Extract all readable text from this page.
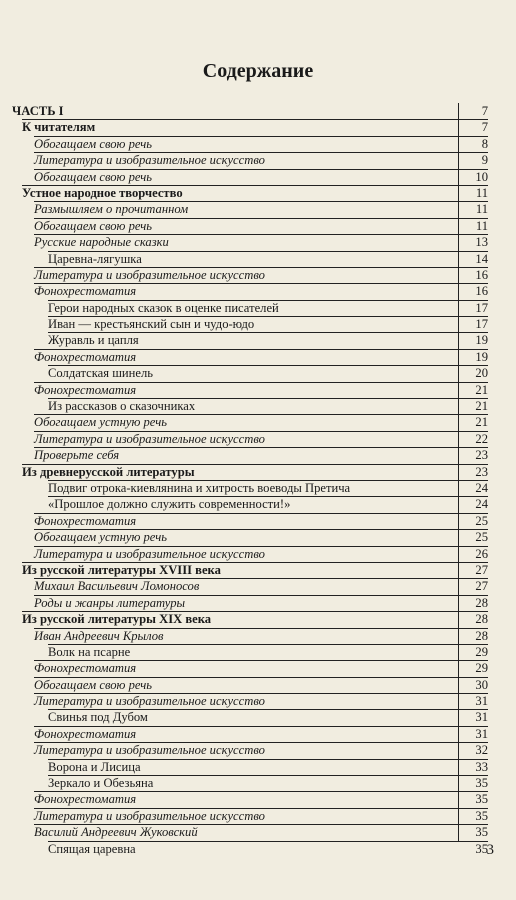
Содержание
ЧАСТЬ I	7
К читателям	7
Обогащаем свою речь	8
Литература и изобразительное искусство	9
Обогащаем свою речь	10
Устное народное творчество	11
Размышляем о прочитанном	11
Обогащаем свою речь	11
Русские народные сказки	13
Царевна-лягушка	14
Литература и изобразительное искусство	16
Фонохрестоматия	16
Герои народных сказок в оценке писателей	17
Иван — крестьянский сын и чудо-юдо	17
Журавль и цапля	19
Фонохрестоматия	19
Солдатская шинель	20
Фонохрестоматия	21
Из рассказов о сказочниках	21
Обогащаем устную речь	21
Литература и изобразительное искусство	22
Проверьте себя	23
Из древнерусской литературы	23
Подвиг отрока-киевлянина и хитрость воеводы Претича	24
«Прошлое должно служить современности!»	24
Фонохрестоматия	25
Обогащаем устную речь	25
Литература и изобразительное искусство	26
Из русской литературы XVIII века	27
Михаил Васильевич Ломоносов	27
Роды и жанры литературы	28
Из русской литературы XIX века	28
Иван Андреевич Крылов	28
Волк на псарне	29
Фонохрестоматия	29
Обогащаем свою речь	30
Литература и изобразительное искусство	31
Свинья под Дубом	31
Фонохрестоматия	31
Литература и изобразительное искусство	32
Ворона и Лисица	33
Зеркало и Обезьяна	35
Фонохрестоматия	35
Литература и изобразительное искусство	35
Василий Андреевич Жуковский	35
Спящая царевна	35
3
